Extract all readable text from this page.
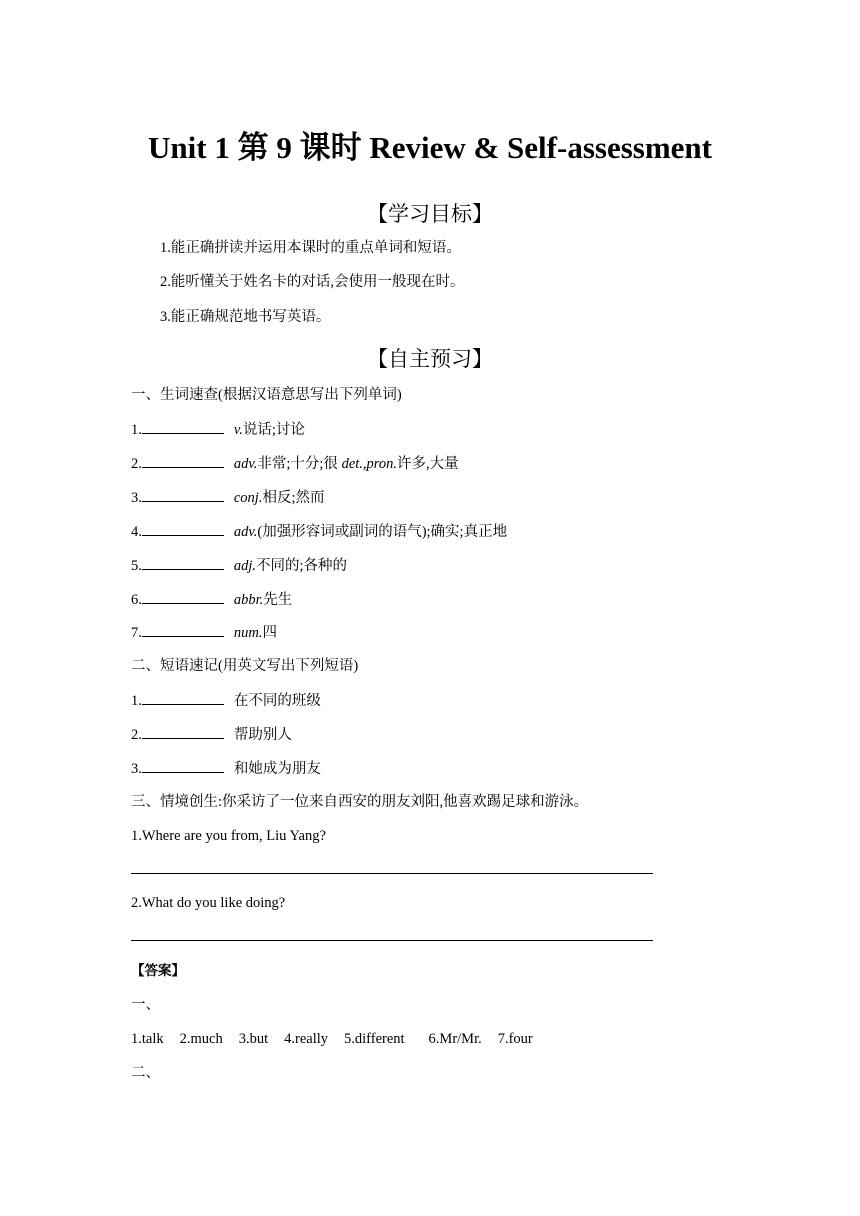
Unit 1 第 9 课时 Review & Self-assessment
【学习目标】
1.能正确拼读并运用本课时的重点单词和短语。
2.能听懂关于姓名卡的对话,会使用一般现在时。
3.能正确规范地书写英语。
【自主预习】
一、生词速查(根据汉语意思写出下列单词)
1.	v.说话;讨论
2.	adv.非常;十分;很 det.,pron.许多,大量
3.	conj.相反;然而
4.	adv.(加强形容词或副词的语气);确实;真正地
5.	adj.不同的;各种的
6.	abbr.先生
7.	num.四
二、短语速记(用英文写出下列短语)
1.	在不同的班级
2.	帮助别人
3.	和她成为朋友
三、情境创生:你采访了一位来自西安的朋友刘阳,他喜欢踢足球和游泳。
1.Where are you from, Liu Yang?
2.What do you like doing?
【答案】
一、
1.talk 2.much 3.but 4.really 5.different 6.Mr/Mr. 7.four
二、
